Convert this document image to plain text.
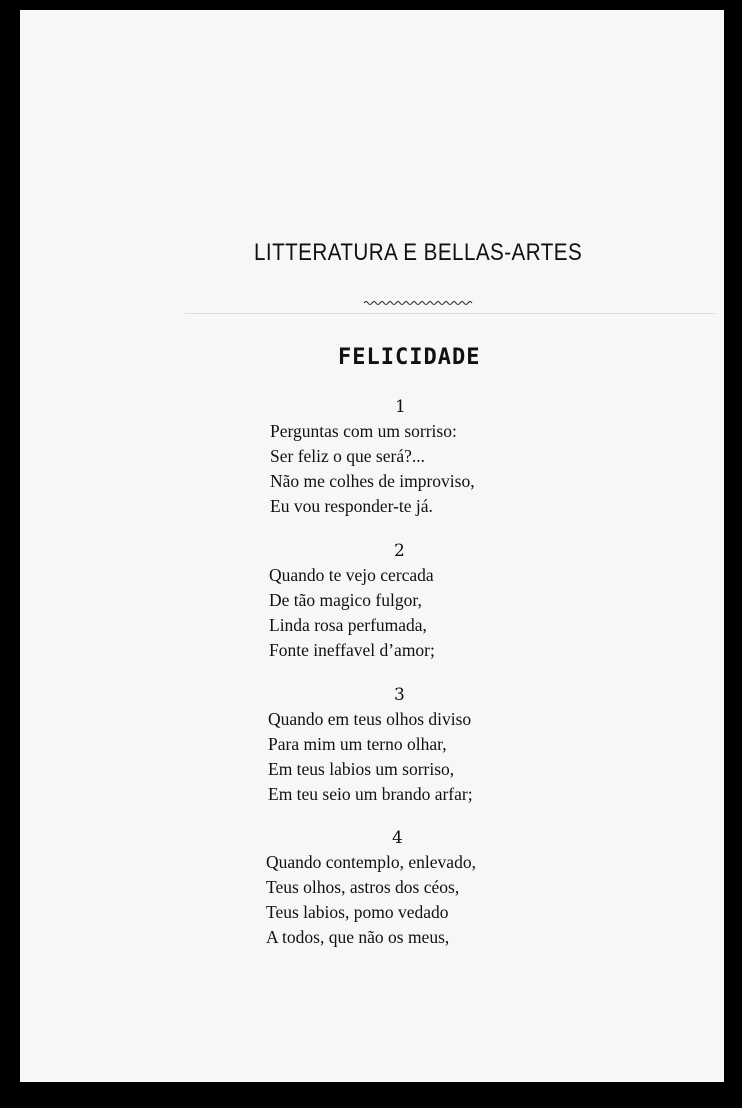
LITTERATURA E BELLAS-ARTES
FELICIDADE
1
Perguntas com um sorriso:
Ser feliz o que será?...
Não me colhes de improviso,
Eu vou responder-te já.
2
Quando te vejo cercada
De tão magico fulgor,
Linda rosa perfumada,
Fonte ineffavel d’amor;
3
Quando em teus olhos diviso
Para mim um terno olhar,
Em teus labios um sorriso,
Em teu seio um brando arfar;
4
Quando contemplo, enlevado,
Teus olhos, astros dos céos,
Teus labios, pomo vedado
A todos, que não os meus,
